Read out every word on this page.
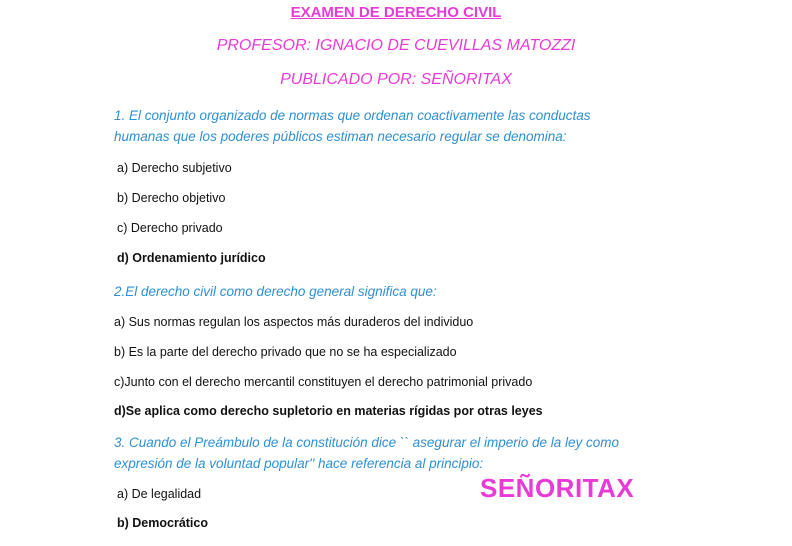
EXAMEN DE DERECHO CIVIL
PROFESOR: IGNACIO DE CUEVILLAS MATOZZI
PUBLICADO POR: SEÑORITAX
1. El conjunto organizado de normas que ordenan coactivamente las conductas
humanas que los poderes públicos estiman necesario regular se denomina:
a) Derecho subjetivo
b) Derecho objetivo
c) Derecho privado
d) Ordenamiento jurídico
2.El derecho civil como derecho general significa que:
a) Sus normas regulan los aspectos más duraderos del individuo
b) Es la parte del derecho privado que no se ha especializado
c)Junto con el derecho mercantil constituyen el derecho patrimonial privado
d)Se aplica como derecho supletorio en materias rígidas por otras leyes
3. Cuando el Preámbulo de la constitución dice `` asegurar el imperio de la ley como
expresión de la voluntad popular'' hace referencia al principio:
a) De legalidad
b) Democrático
SEÑORITAX
